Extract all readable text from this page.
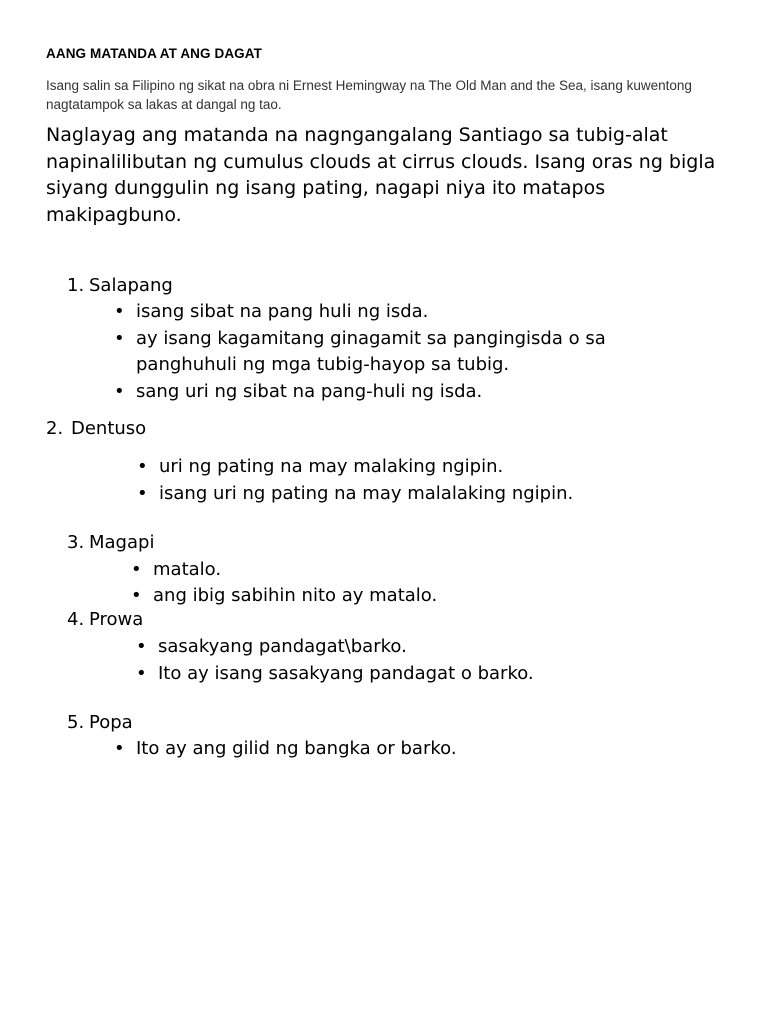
AANG MATANDA AT ANG DAGAT
Isang salin sa Filipino ng sikat na obra ni Ernest Hemingway na The Old Man and the Sea, isang kuwentong nagtatampok sa lakas at dangal ng tao.
Naglayag ang matanda na nagngangalang Santiago sa tubig-alat napinalilibutan ng cumulus clouds at cirrus clouds. Isang oras ng bigla siyang dunggulin ng isang pating, nagapi niya ito matapos makipagbuno.
1. Salapang
• isang sibat na pang huli ng isda.
• ay isang kagamitang ginagamit sa pangingisda o sa
panghuhuli ng mga tubig-hayop sa tubig.
• sang uri ng sibat na pang-huli ng isda.
2. Dentuso
• uri ng pating na may malaking ngipin.
• isang uri ng pating na may malalaking ngipin.
3. Magapi
• matalo.
• ang ibig sabihin nito ay matalo.
4. Prowa
• sasakyang pandagat\barko.
• Ito ay isang sasakyang pandagat o barko.
5. Popa
• Ito ay ang gilid ng bangka or barko.
